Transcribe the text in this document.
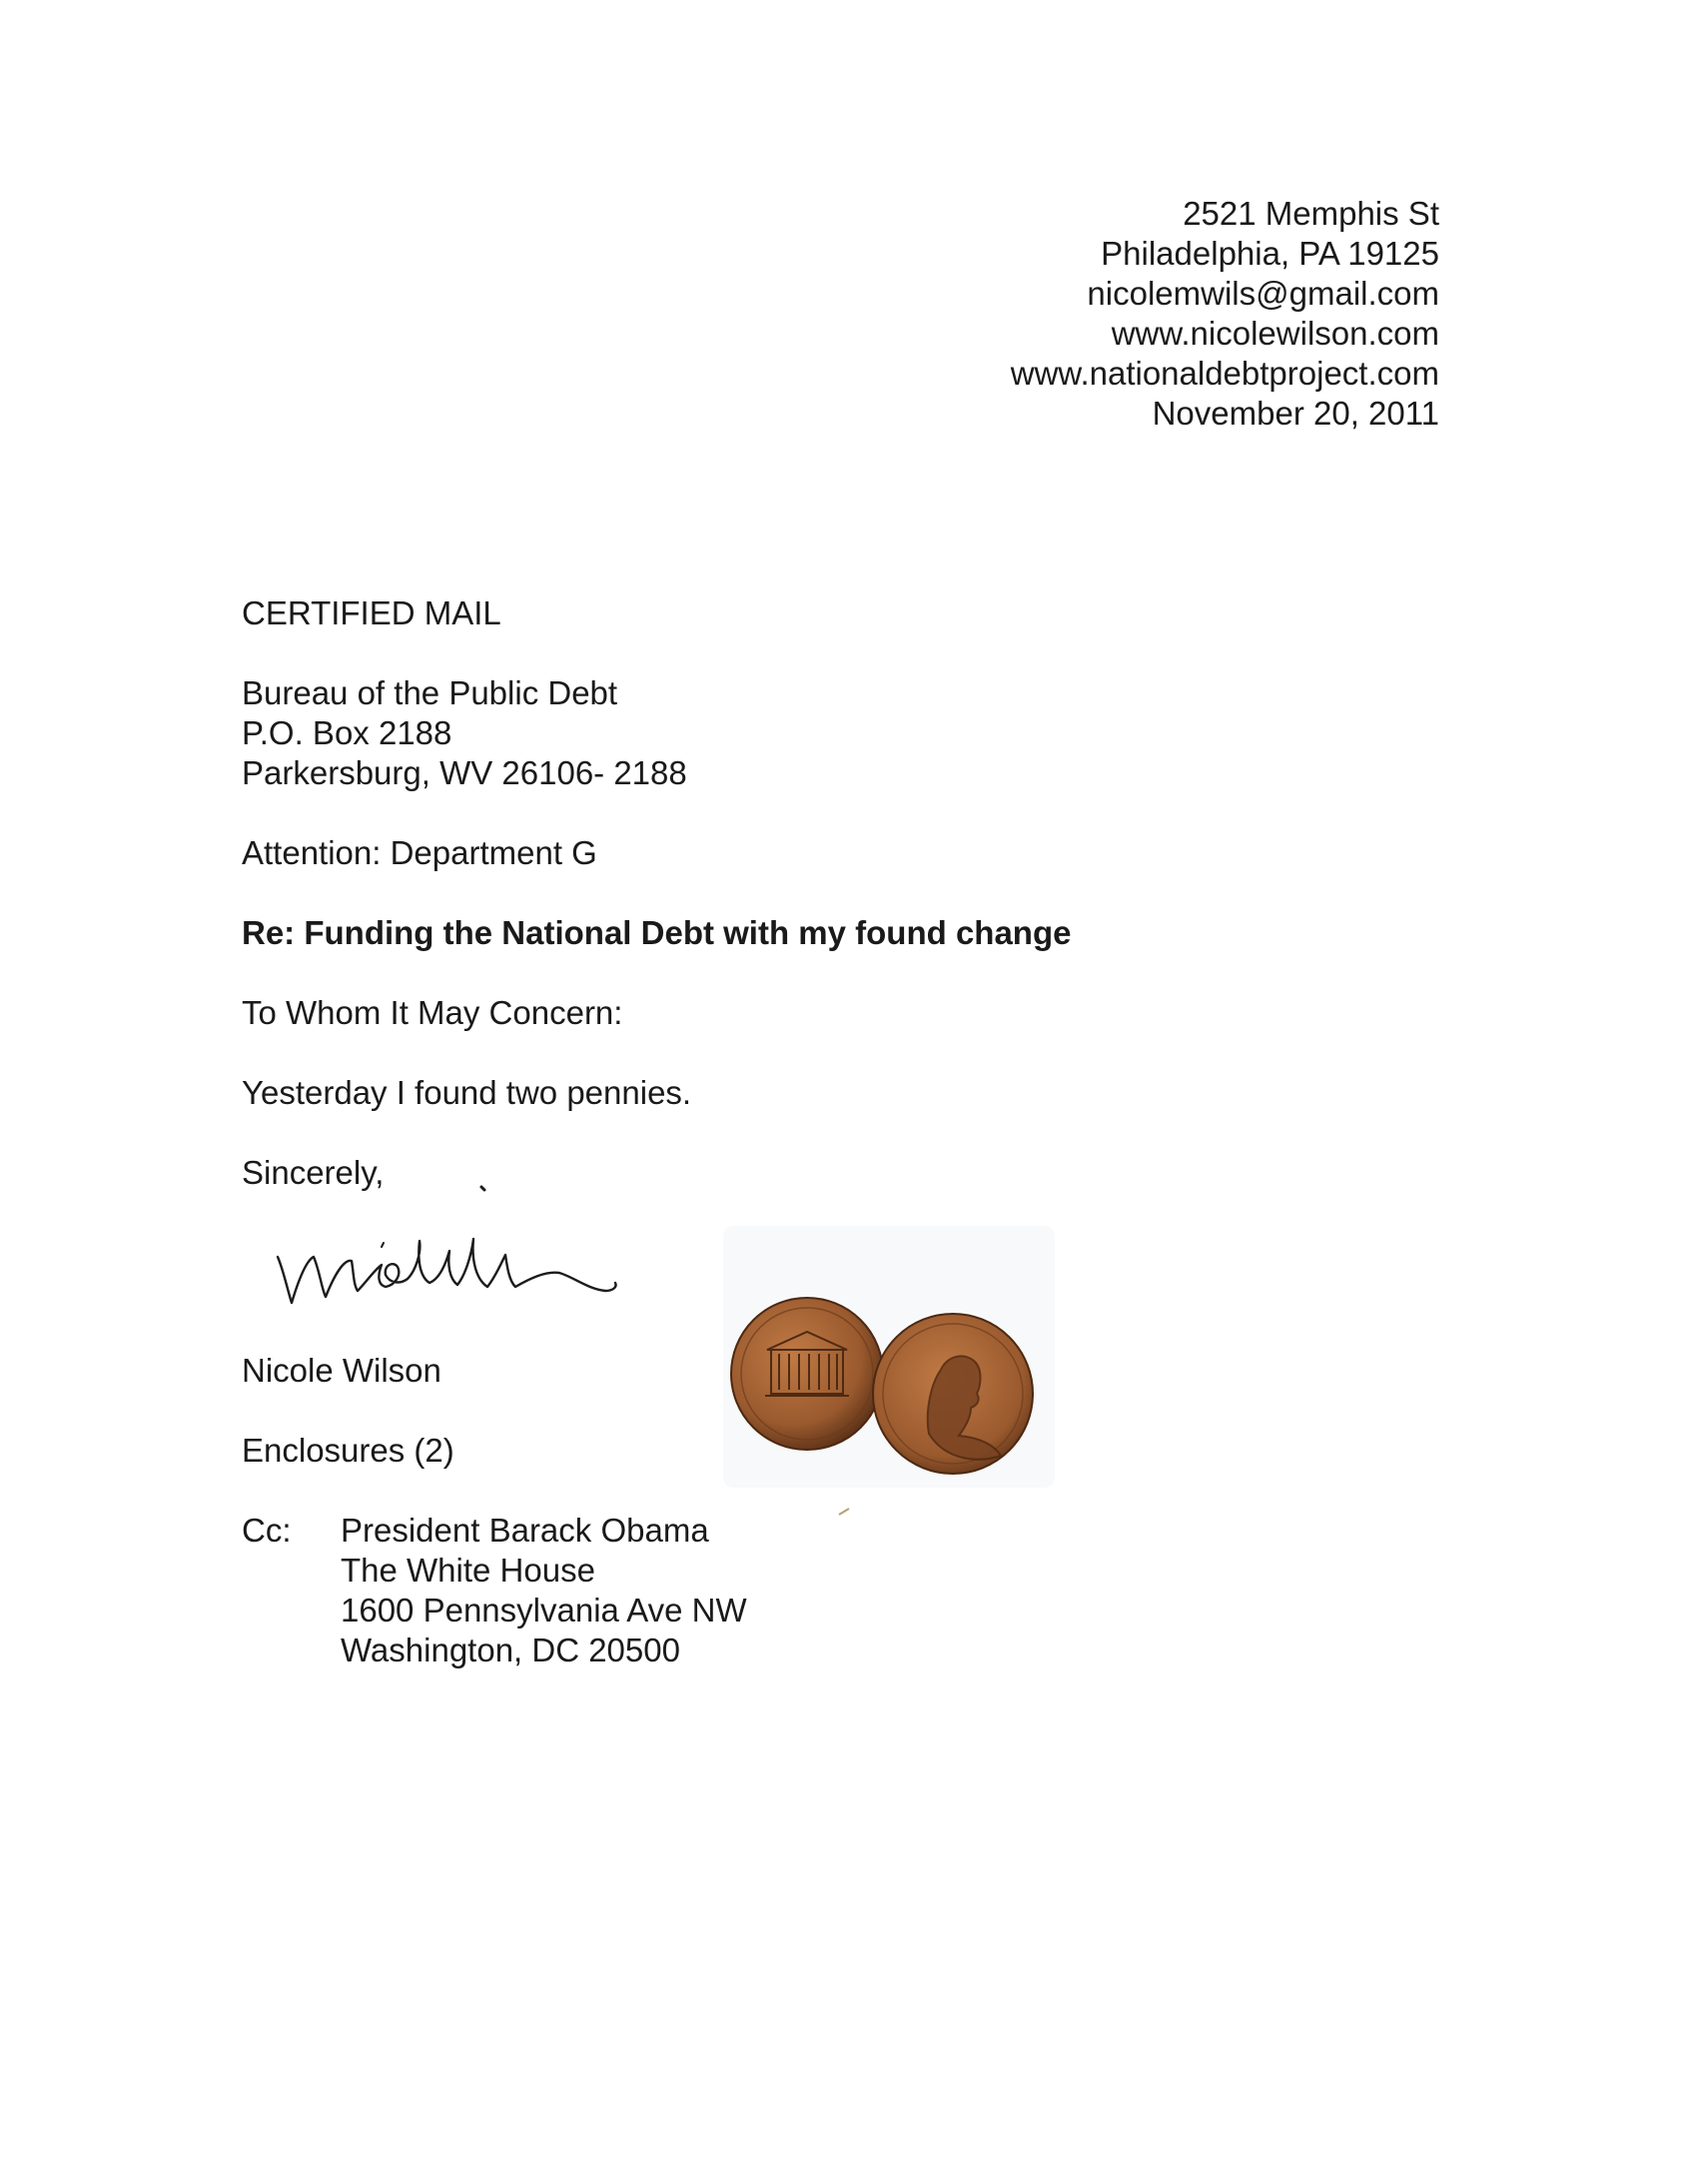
2521 Memphis St
Philadelphia, PA 19125
nicolemwils@gmail.com
www.nicolewilson.com
www.nationaldebtproject.com
November 20, 2011
CERTIFIED MAIL
Bureau of the Public Debt
P.O. Box 2188
Parkersburg, WV 26106- 2188
Attention: Department G
Re: Funding the National Debt with my found change
To Whom It May Concern:
Yesterday I found two pennies.
Sincerely,
Nicole Wilson
Enclosures (2)
Cc:	President Barack Obama
The White House
1600 Pennsylvania Ave NW
Washington, DC 20500
